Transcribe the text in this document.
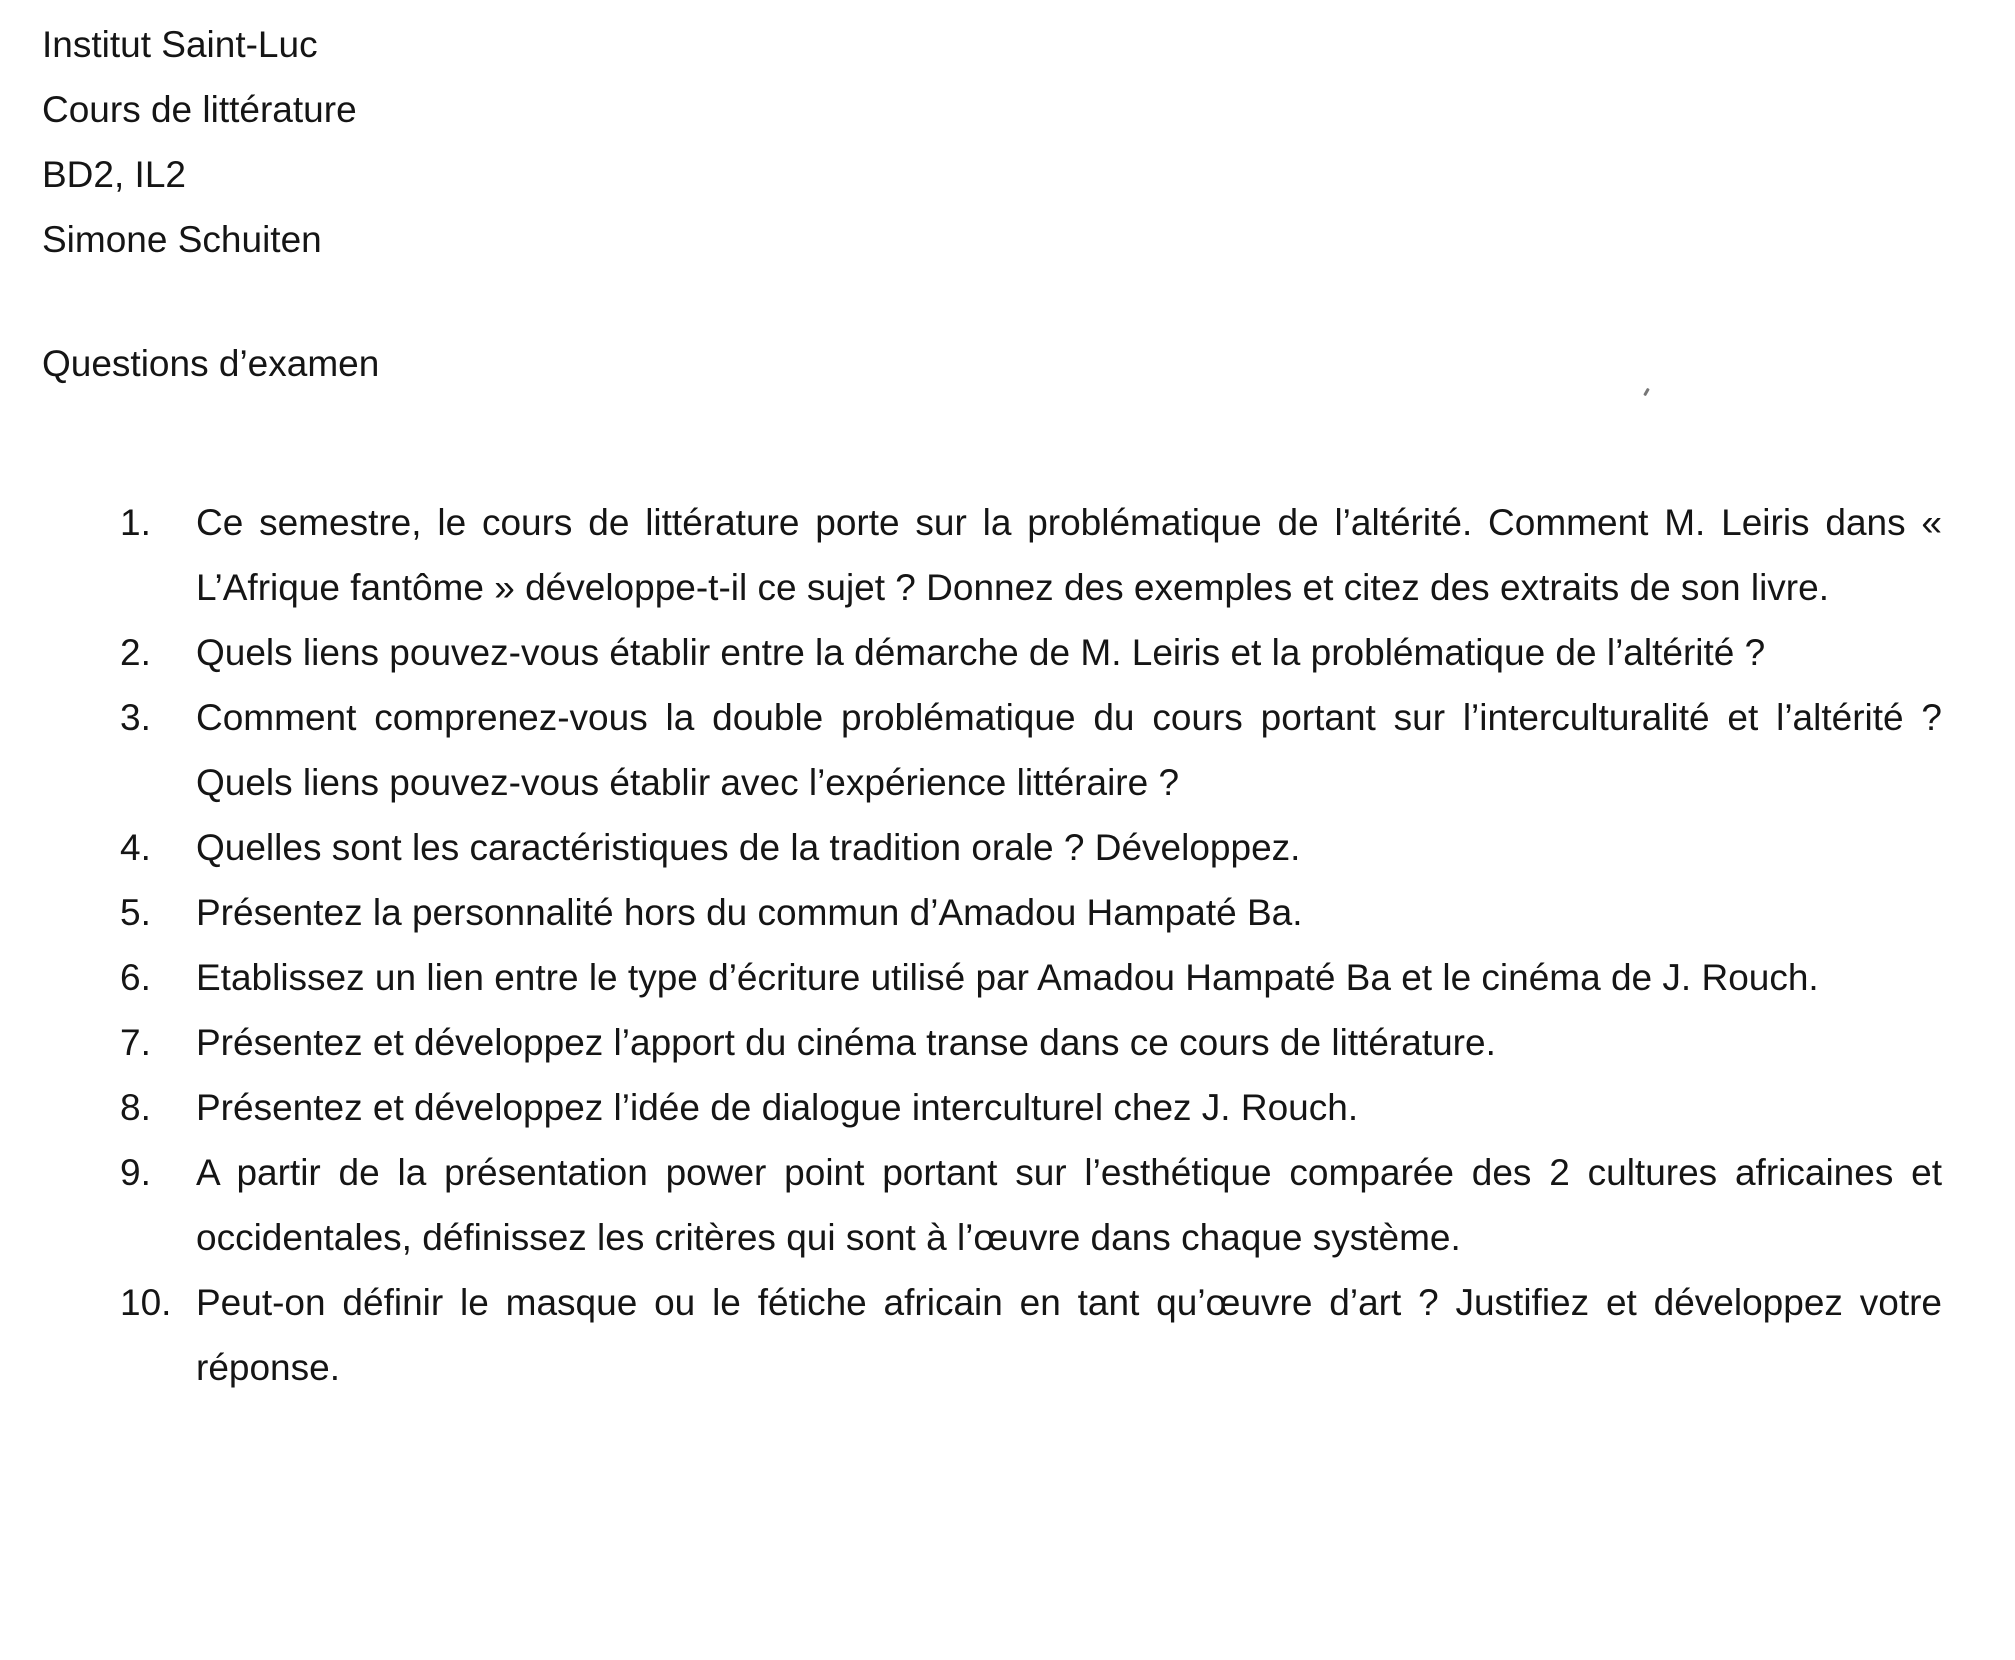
Institut Saint-Luc
Cours de littérature
BD2, IL2
Simone Schuiten
Questions d’examen
1.	Ce semestre, le cours de littérature porte sur la problématique de l’altérité. Comment M. Leiris dans « L’Afrique fantôme » développe-t-il ce sujet ? Donnez des exemples et citez des extraits de son livre.
2.	Quels liens pouvez-vous établir entre la démarche de M. Leiris et la problématique de l’altérité ?
3.	Comment comprenez-vous la double problématique du cours portant sur l’interculturalité et l’altérité ? Quels liens pouvez-vous établir avec l’expérience littéraire ?
4.	Quelles sont les caractéristiques de la tradition orale ? Développez.
5.	Présentez la personnalité hors du commun d’Amadou Hampaté Ba.
6.	Etablissez un lien entre le type d’écriture utilisé par Amadou Hampaté Ba et le cinéma de J. Rouch.
7.	Présentez et développez l’apport du cinéma transe dans ce cours de littérature.
8.	Présentez et développez l’idée de dialogue interculturel chez J. Rouch.
9.	A partir de la présentation power point portant sur l’esthétique comparée des 2 cultures africaines et occidentales, définissez les critères qui sont à l’œuvre dans chaque système.
10. Peut-on définir le masque ou le fétiche africain en tant qu’œuvre d’art ? Justifiez et développez votre réponse.
